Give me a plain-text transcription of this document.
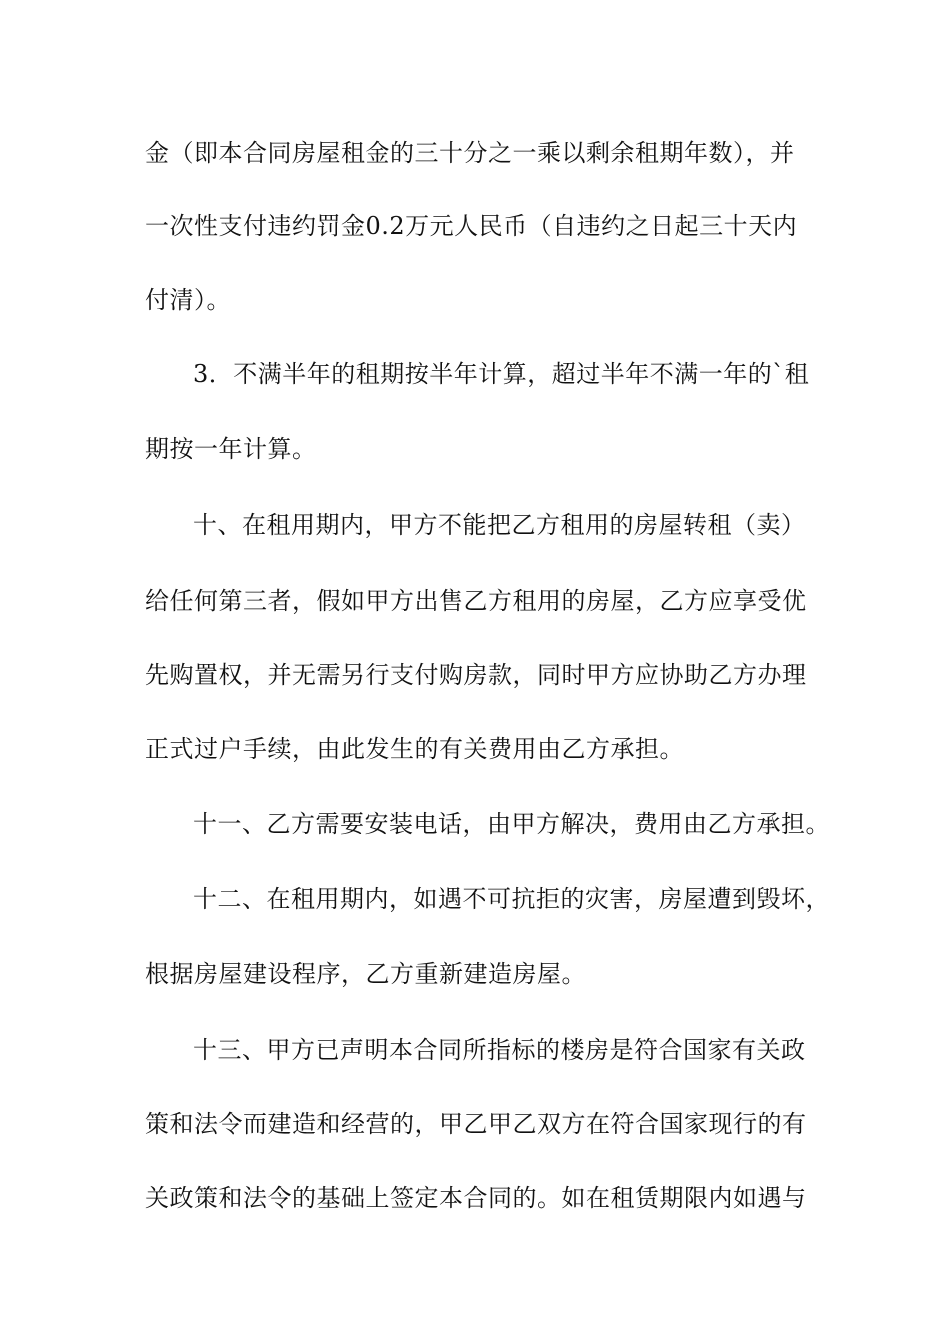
金（即本合同房屋租金的三十分之一乘以剩余租期年数），并
一次性支付违约罚金0.2万元人民币（自违约之日起三十天内
付清）。
3．不满半年的租期按半年计算，超过半年不满一年的`租
期按一年计算。
十、在租用期内，甲方不能把乙方租用的房屋转租（卖）
给任何第三者，假如甲方出售乙方租用的房屋，乙方应享受优
先购置权，并无需另行支付购房款，同时甲方应协助乙方办理
正式过户手续，由此发生的有关费用由乙方承担。
十一、乙方需要安装电话，由甲方解决，费用由乙方承担。
十二、在租用期内，如遇不可抗拒的灾害，房屋遭到毁坏，
根据房屋建设程序，乙方重新建造房屋。
十三、甲方已声明本合同所指标的楼房是符合国家有关政
策和法令而建造和经营的，甲乙甲乙双方在符合国家现行的有
关政策和法令的基础上签定本合同的。如在租赁期限内如遇与
